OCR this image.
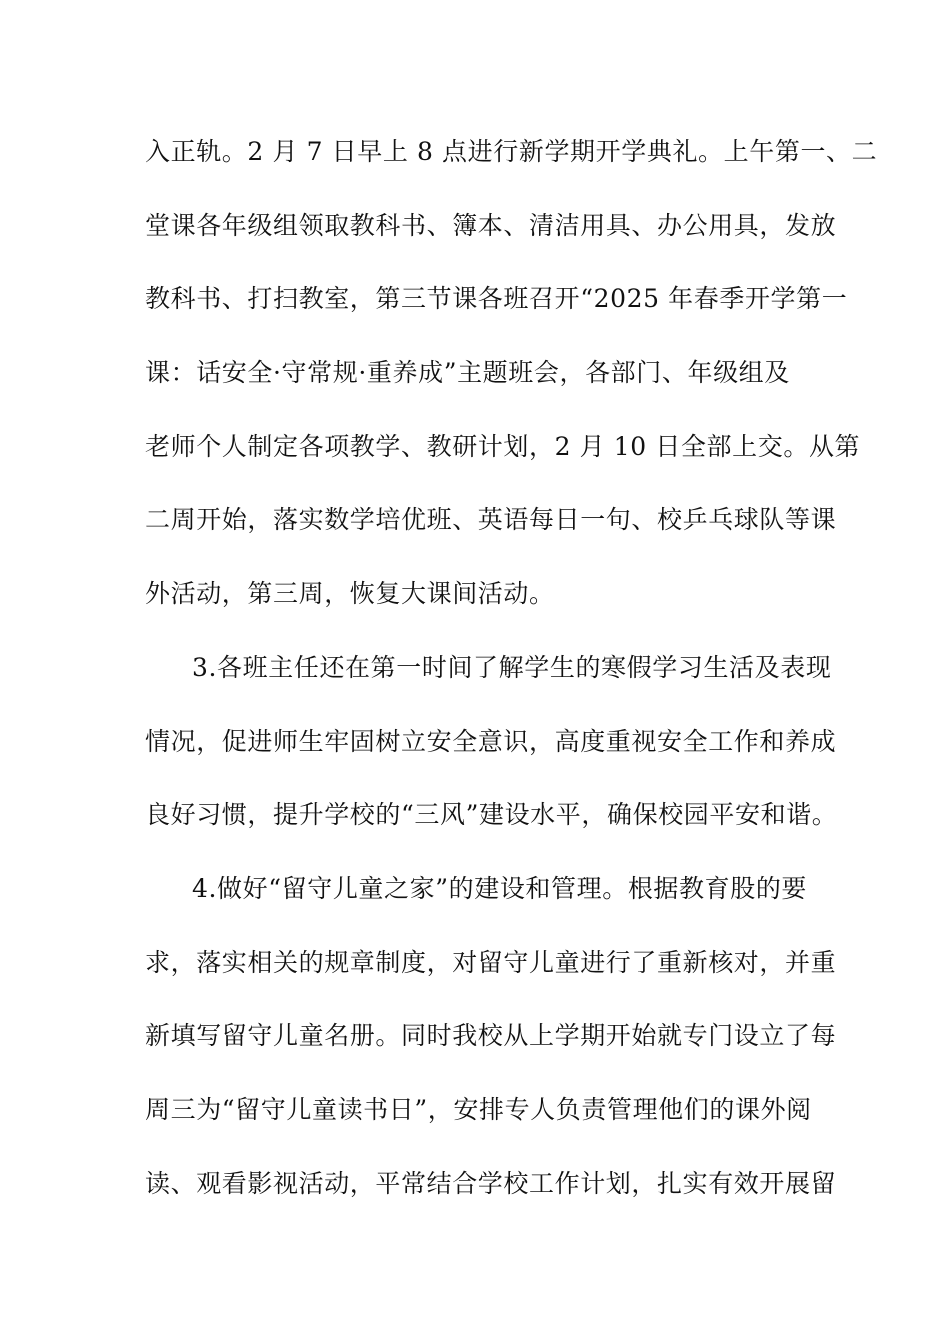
入正轨。2 月 7 日早上 8 点进行新学期开学典礼。上午第一、二
堂课各年级组领取教科书、簿本、清洁用具、办公用具，发放
教科书、打扫教室，第三节课各班召开“2025 年春季开学第一
课：话安全·守常规·重养成”主题班会，各部门、年级组及
老师个人制定各项教学、教研计划，2 月 10 日全部上交。从第
二周开始，落实数学培优班、英语每日一句、校乒乓球队等课
外活动，第三周，恢复大课间活动。
3.各班主任还在第一时间了解学生的寒假学习生活及表现
情况，促进师生牢固树立安全意识，高度重视安全工作和养成
良好习惯，提升学校的“三风”建设水平，确保校园平安和谐。
4.做好“留守儿童之家”的建设和管理。根据教育股的要
求，落实相关的规章制度，对留守儿童进行了重新核对，并重
新填写留守儿童名册。同时我校从上学期开始就专门设立了每
周三为“留守儿童读书日”，安排专人负责管理他们的课外阅
读、观看影视活动，平常结合学校工作计划，扎实有效开展留
